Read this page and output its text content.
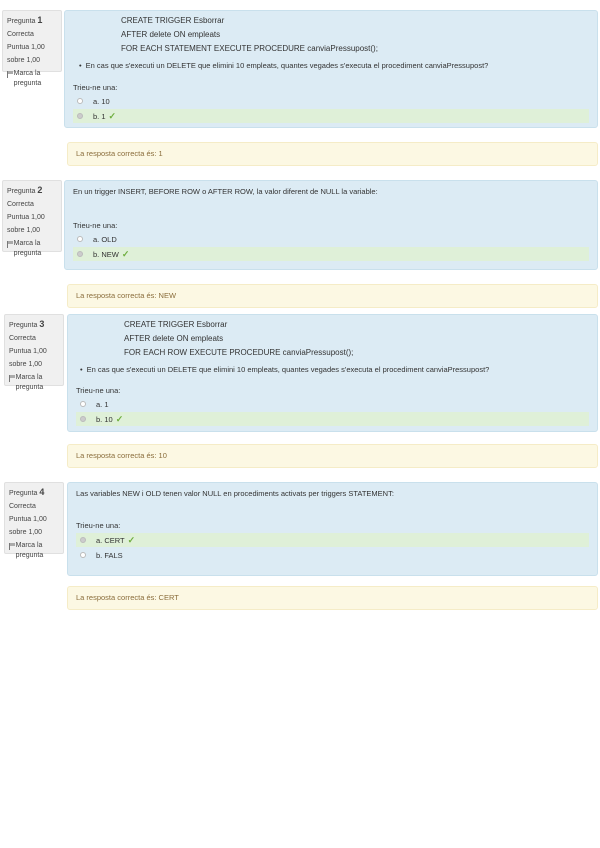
Pregunta 1
Correcta
Puntua 1,00 sobre 1,00
Marca la pregunta
CREATE TRIGGER Esborrar
AFTER delete ON empleats
FOR EACH STATEMENT EXECUTE PROCEDURE canviaPressupost();
• En cas que s'executi un DELETE que elimini 10 empleats, quantes vegades s'executa el procediment canviaPressupost?
Trieu-ne una:
a. 10
b. 1 ✓
La resposta correcta és: 1
Pregunta 2
Correcta
Puntua 1,00 sobre 1,00
Marca la pregunta
En un trigger INSERT, BEFORE ROW o AFTER ROW, la valor diferent de NULL la variable:
Trieu-ne una:
a. OLD
b. NEW ✓
La resposta correcta és: NEW
Pregunta 3
Correcta
Puntua 1,00 sobre 1,00
Marca la pregunta
CREATE TRIGGER Esborrar
AFTER delete ON empleats
FOR EACH ROW EXECUTE PROCEDURE canviaPressupost();
• En cas que s'executi un DELETE que elimini 10 empleats, quantes vegades s'executa el procediment canviaPressupost?
Trieu-ne una:
a. 1
b. 10 ✓
La resposta correcta és: 10
Pregunta 4
Correcta
Puntua 1,00 sobre 1,00
Marca la pregunta
Las variables NEW i OLD tenen valor NULL en procediments activats per triggers STATEMENT:
Trieu-ne una:
a. CERT ✓
b. FALS
La resposta correcta és: CERT
